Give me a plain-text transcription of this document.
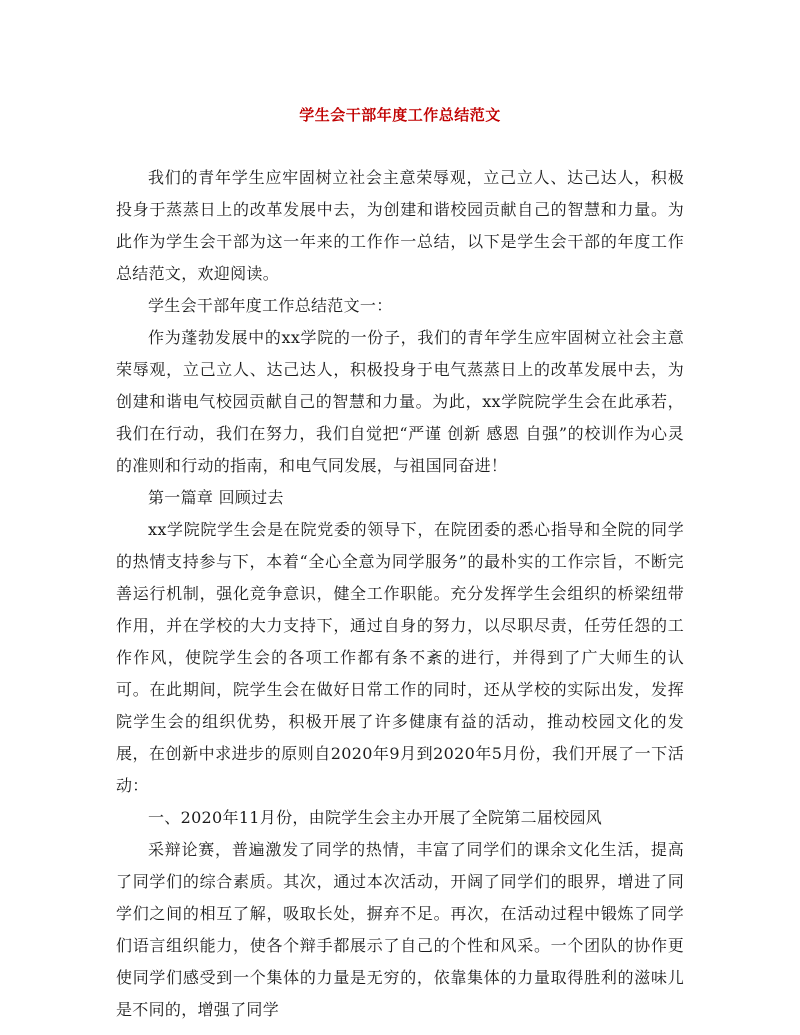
学生会干部年度工作总结范文

我们的青年学生应牢固树立社会主意荣辱观，立己立人、达己达人，积极投身于蒸蒸日上的改革发展中去，为创建和谐校园贡献自己的智慧和力量。为此作为学生会干部为这一年来的工作作一总结，以下是学生会干部的年度工作总结范文，欢迎阅读。

学生会干部年度工作总结范文一：

作为蓬勃发展中的xx学院的一份子，我们的青年学生应牢固树立社会主意荣辱观，立己立人、达己达人，积极投身于电气蒸蒸日上的改革发展中去，为创建和谐电气校园贡献自己的智慧和力量。为此，xx学院院学生会在此承若，我们在行动，我们在努力，我们自觉把“严谨 创新 感恩 自强”的校训作为心灵的准则和行动的指南，和电气同发展，与祖国同奋进！

第一篇章 回顾过去

xx学院院学生会是在院党委的领导下，在院团委的悉心指导和全院的同学的热情支持参与下，本着“全心全意为同学服务”的最朴实的工作宗旨，不断完善运行机制，强化竞争意识，健全工作职能。充分发挥学生会组织的桥梁纽带作用，并在学校的大力支持下，通过自身的努力，以尽职尽责，任劳任怨的工作作风，使院学生会的各项工作都有条不紊的进行，并得到了广大师生的认可。在此期间，院学生会在做好日常工作的同时，还从学校的实际出发，发挥院学生会的组织优势，积极开展了许多健康有益的活动，推动校园文化的发展，在创新中求进步的原则自2020年9月到2020年5月份，我们开展了一下活动：

一、2020年11月份，由院学生会主办开展了全院第二届校园风

采辩论赛，普遍激发了同学的热情，丰富了同学们的课余文化生活，提高了同学们的综合素质。其次，通过本次活动，开阔了同学们的眼界，增进了同学们之间的相互了解，吸取长处，摒弃不足。再次，在活动过程中锻炼了同学们语言组织能力，使各个辩手都展示了自己的个性和风采。一个团队的协作更使同学们感受到一个集体的力量是无穷的，依靠集体的力量取得胜利的滋味儿是不同的，增强了同学
